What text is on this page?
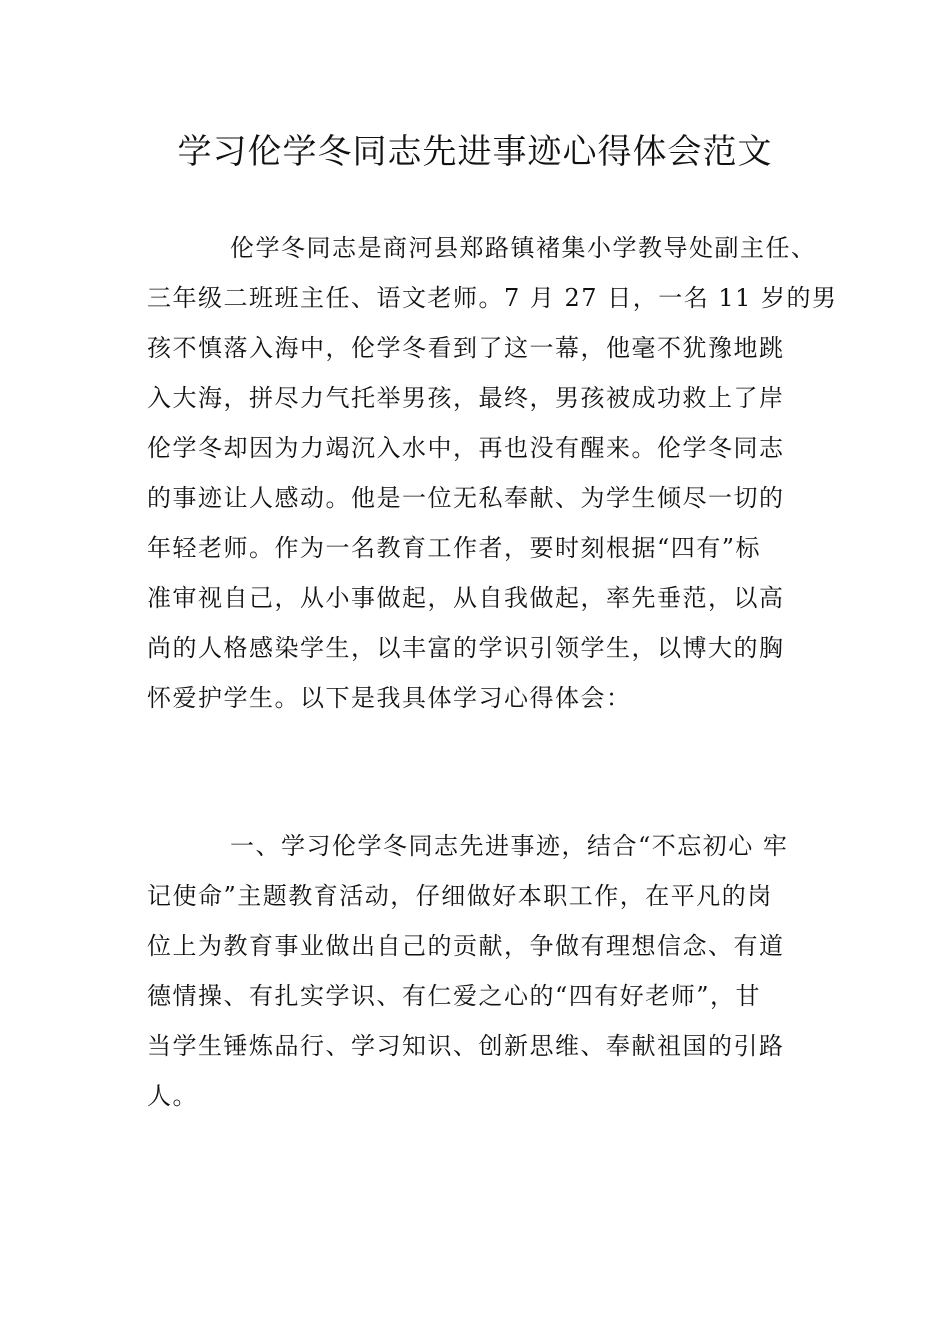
学习伦学冬同志先进事迹心得体会范文

伦学冬同志是商河县郑路镇褚集小学教导处副主任、

三年级二班班主任、语文老师。7 月 27 日，一名 11 岁的男

孩不慎落入海中，伦学冬看到了这一幕，他毫不犹豫地跳

入大海，拼尽力气托举男孩，最终，男孩被成功救上了岸

伦学冬却因为力竭沉入水中，再也没有醒来。伦学冬同志

的事迹让人感动。他是一位无私奉献、为学生倾尽一切的

年轻老师。作为一名教育工作者，要时刻根据“四有”标

准审视自己，从小事做起，从自我做起，率先垂范，以高

尚的人格感染学生，以丰富的学识引领学生，以博大的胸

怀爱护学生。以下是我具体学习心得体会：

一、学习伦学冬同志先进事迹，结合“不忘初心 牢

记使命”主题教育活动，仔细做好本职工作，在平凡的岗

位上为教育事业做出自己的贡献，争做有理想信念、有道

德情操、有扎实学识、有仁爱之心的“四有好老师”，甘

当学生锤炼品行、学习知识、创新思维、奉献祖国的引路

人。
